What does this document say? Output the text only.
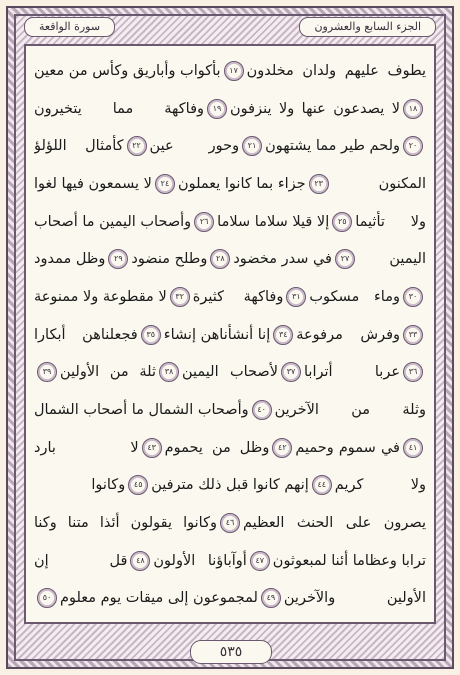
الجزء السابع والعشرون
سورة الواقعة
يطوف عليهم ولدان مخلدون
١٧
بأكواب وأباريق وكأس من معين
١٨
لا يصدعون عنها ولا ينزفون
١٩
وفاكهة مما يتخيرون
٢٠
ولحم طير مما يشتهون
٢١
وحور عين
٢٢
كأمثال اللؤلؤ
المكنون
٢٣
جزاء بما كانوا يعملون
٢٤
لا يسمعون فيها لغوا
ولا تأثيما
٢٥
إلا قيلا سلاما سلاما
٢٦
وأصحاب اليمين ما أصحاب
اليمين
٢٧
في سدر مخضود
٢٨
وطلح منضود
٢٩
وظل ممدود
٣٠
وماء مسكوب
٣١
وفاكهة كثيرة
٣٢
لا مقطوعة ولا ممنوعة
٣٣
وفرش مرفوعة
٣٤
إنا أنشأناهن إنشاء
٣٥
فجعلناهن أبكارا
٣٦
عربا أترابا
٣٧
لأصحاب اليمين
٣٨
ثلة من الأولين
٣٩
وثلة من الآخرين
٤٠
وأصحاب الشمال ما أصحاب الشمال
٤١
في سموم وحميم
٤٢
وظل من يحموم
٤٣
لا بارد
ولا كريم
٤٤
إنهم كانوا قبل ذلك مترفين
٤٥
وكانوا
يصرون على الحنث العظيم
٤٦
وكانوا يقولون أئذا متنا وكنا
ترابا وعظاما أئنا لمبعوثون
٤٧
أوآباؤنا الأولون
٤٨
قل إن
الأولين والآخرين
٤٩
لمجموعون إلى ميقات يوم معلوم
٥٠
٥٣٥
